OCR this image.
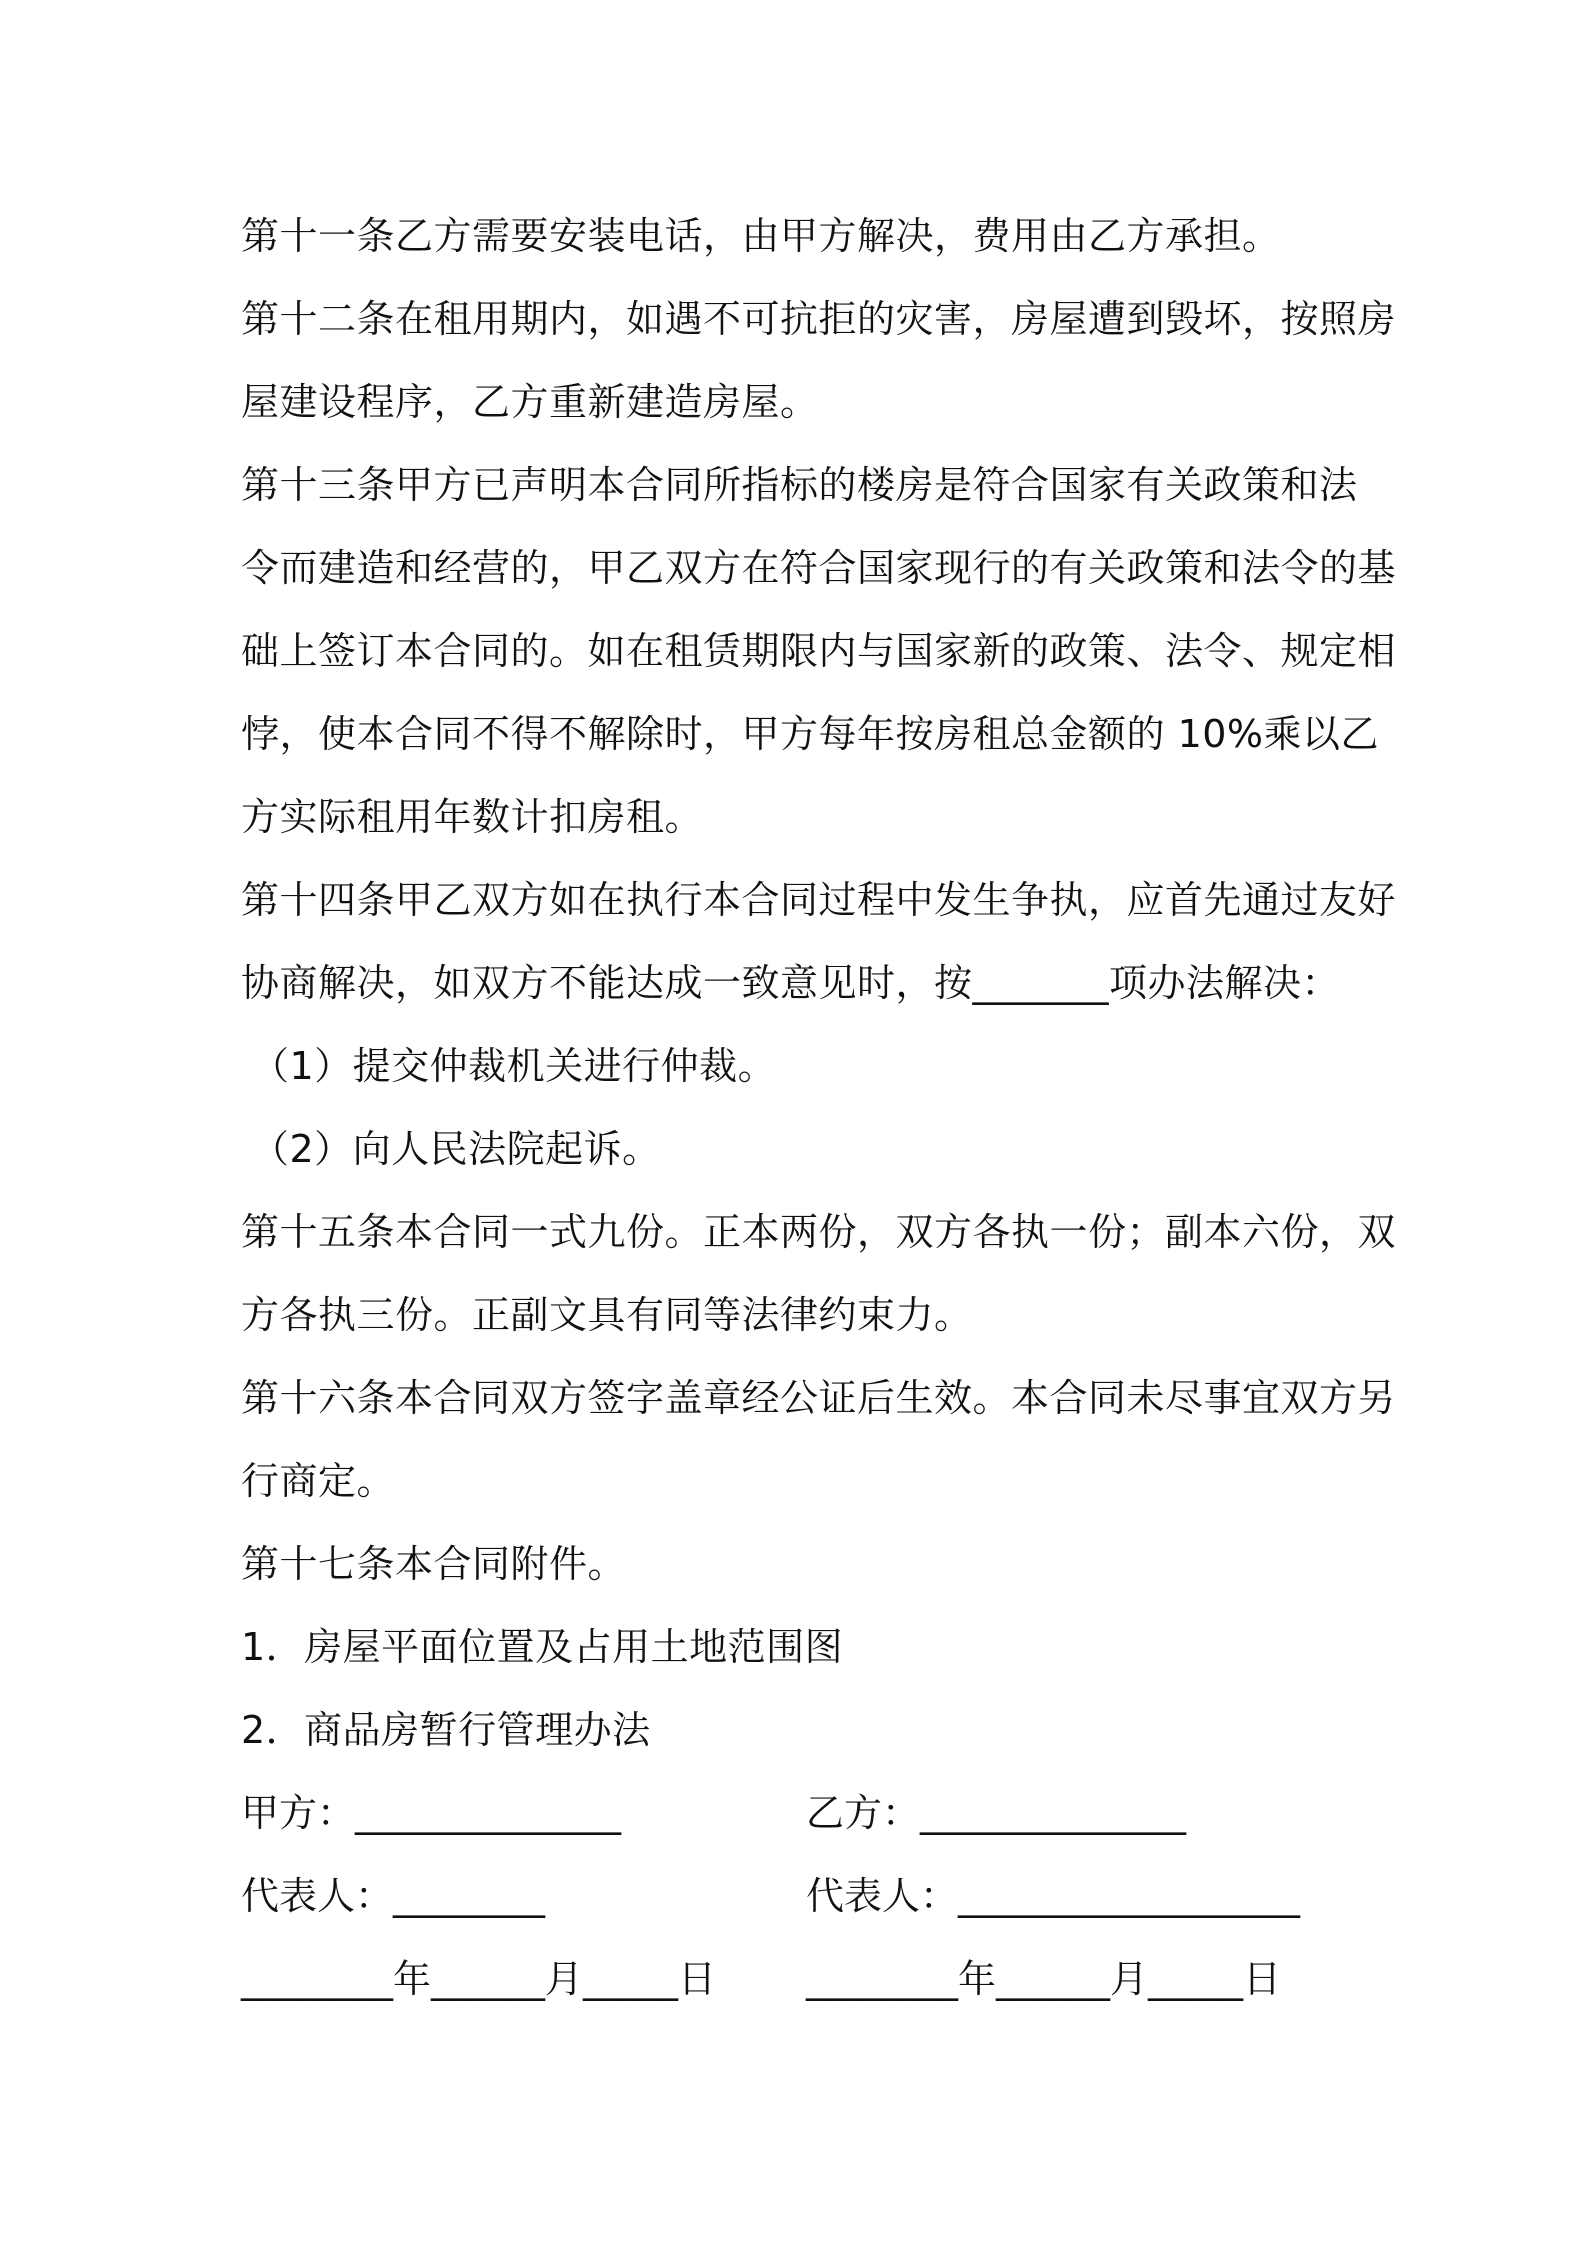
第十一条乙方需要安装电话，由甲方解决，费用由乙方承担。
第十二条在租用期内，如遇不可抗拒的灾害，房屋遭到毁坏，按照房
屋建设程序，乙方重新建造房屋。
第十三条甲方已声明本合同所指标的楼房是符合国家有关政策和法
令而建造和经营的，甲乙双方在符合国家现行的有关政策和法令的基
础上签订本合同的。如在租赁期限内与国家新的政策、法令、规定相
悖，使本合同不得不解除时，甲方每年按房租总金额的 10%乘以乙
方实际租用年数计扣房租。
第十四条甲乙双方如在执行本合同过程中发生争执，应首先通过友好
协商解决，如双方不能达成一致意见时，按_______项办法解决：
（1）提交仲裁机关进行仲裁。
（2）向人民法院起诉。
第十五条本合同一式九份。正本两份，双方各执一份；副本六份，双
方各执三份。正副文具有同等法律约束力。
第十六条本合同双方签字盖章经公证后生效。本合同未尽事宜双方另
行商定。
第十七条本合同附件。
1．房屋平面位置及占用土地范围图
2．商品房暂行管理办法
甲方：______________	乙方：______________
代表人：________	代表人：__________________
________年______月_____日 ________年______月_____日
